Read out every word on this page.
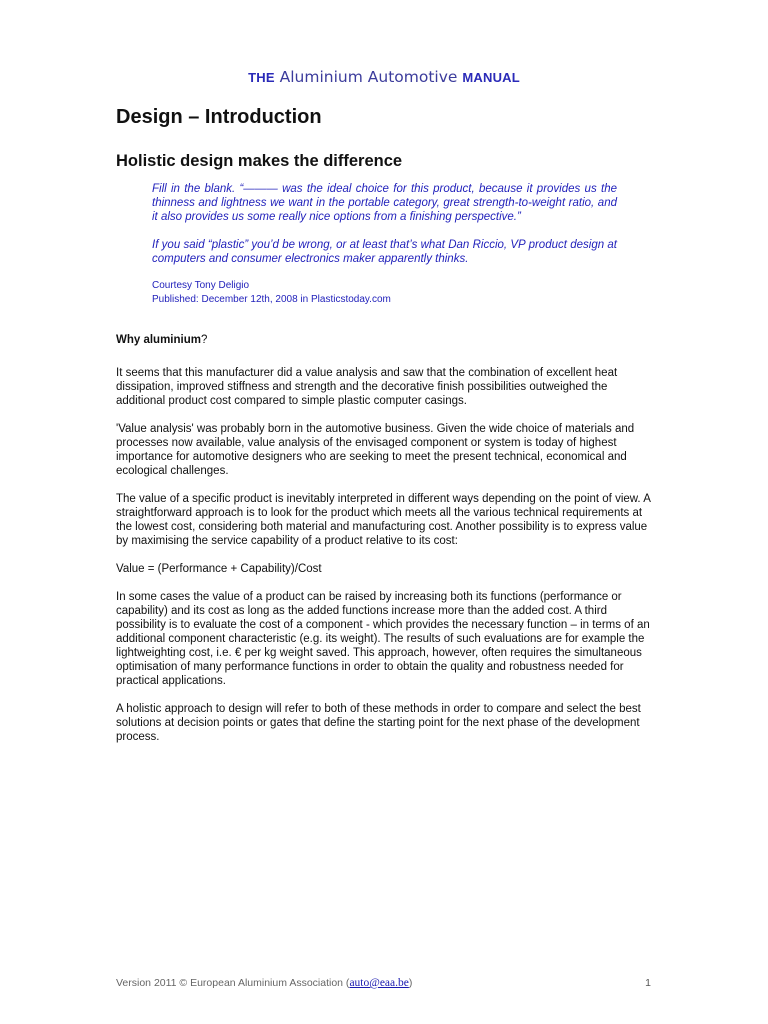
THE Aluminium Automotive MANUAL
Design – Introduction
Holistic design makes the difference

Fill in the blank. “——— was the ideal choice for this product, because it provides us the thinness and lightness we want in the portable category, great strength-to-weight ratio, and it also provides us some really nice options from a finishing perspective.”

If you said “plastic” you’d be wrong, or at least that’s what Dan Riccio, VP product design at computers and consumer electronics maker apparently thinks.

Courtesy Tony Deligio
Published: December 12th, 2008 in Plasticstoday.com
Why aluminium?

It seems that this manufacturer did a value analysis and saw that the combination of excellent heat dissipation, improved stiffness and strength and the decorative finish possibilities outweighed the additional product cost compared to simple plastic computer casings.

'Value analysis' was probably born in the automotive business. Given the wide choice of materials and processes now available, value analysis of the envisaged component or system is today of highest importance for automotive designers who are seeking to meet the present technical, economical and ecological challenges.

The value of a specific product is inevitably interpreted in different ways depending on the point of view. A straightforward approach is to look for the product which meets all the various technical requirements at the lowest cost, considering both material and manufacturing cost. Another possibility is to express value by maximising the service capability of a product relative to its cost:

Value = (Performance + Capability)/Cost

In some cases the value of a product can be raised by increasing both its functions (performance or capability) and its cost as long as the added functions increase more than the added cost. A third possibility is to evaluate the cost of a component - which provides the necessary function – in terms of an additional component characteristic (e.g. its weight). The results of such evaluations are for example the lightweighting cost, i.e. € per kg weight saved. This approach, however, often requires the simultaneous optimisation of many performance functions in order to obtain the quality and robustness needed for practical applications.

A holistic approach to design will refer to both of these methods in order to compare and select the best solutions at decision points or gates that define the starting point for the next phase of the development process.

Version 2011 © European Aluminium Association (auto@eaa.be)	1
